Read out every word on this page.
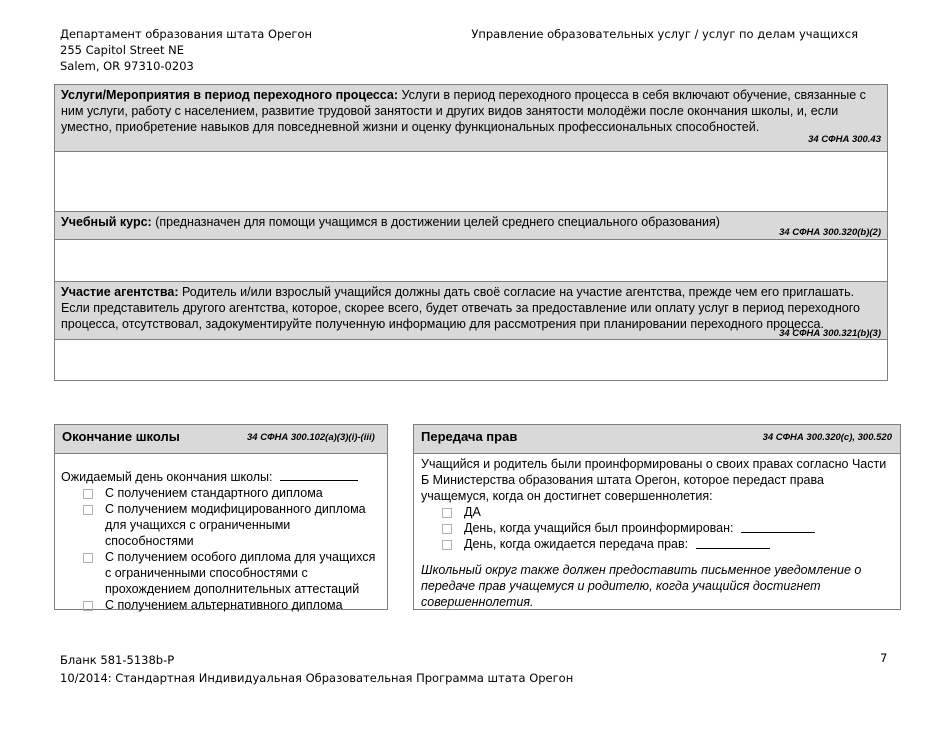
Департамент образования штата Орегон
255 Capitol Street NE
Salem, OR 97310-0203
Управление образовательных услуг / услуг по делам учащихся
Услуги/Мероприятия в период переходного процесса: Услуги в период переходного процесса в себя включают обучение, связанные с ним услуги, работу с населением, развитие трудовой занятости и других видов занятости молодёжи после окончания школы, и, если уместно, приобретение навыков для повседневной жизни и оценку функциональных профессиональных способностей.
34 СФНА 300.43
Учебный курс: (предназначен для помощи учащимся в достижении целей среднего специального образования)
34 СФНА 300.320(b)(2)
Участие агентства: Родитель и/или взрослый учащийся должны дать своё согласие на участие агентства, прежде чем его приглашать. Если представитель другого агентства, которое, скорее всего, будет отвечать за предоставление или оплату услуг в период переходного процесса, отсутствовал, задокументируйте полученную информацию для рассмотрения при планировании переходного процесса.
34 СФНА 300.321(b)(3)
Окончание школы	34 СФНА 300.102(a)(3)(i)-(iii)
Ожидаемый день окончания школы:
С получением стандартного диплома
С получением модифицированного диплома для учащихся с ограниченными способностями
С получением особого диплома для учащихся с ограниченными способностями с прохождением дополнительных аттестаций
С получением альтернативного диплома
Передача прав	34 СФНА 300.320(c), 300.520
Учащийся и родитель были проинформированы о своих правах согласно Части Б Министерства образования штата Орегон, которое передаст права учащемуся, когда он достигнет совершеннолетия:
ДА
День, когда учащийся был проинформирован:
День, когда ожидается передача прав:
Школьный округ также должен предоставить письменное уведомление о передаче прав учащемуся и родителю, когда учащийся достигнет совершеннолетия.
Бланк 581-5138b-P
10/2014: Стандартная Индивидуальная Образовательная Программа штата Орегон
7
